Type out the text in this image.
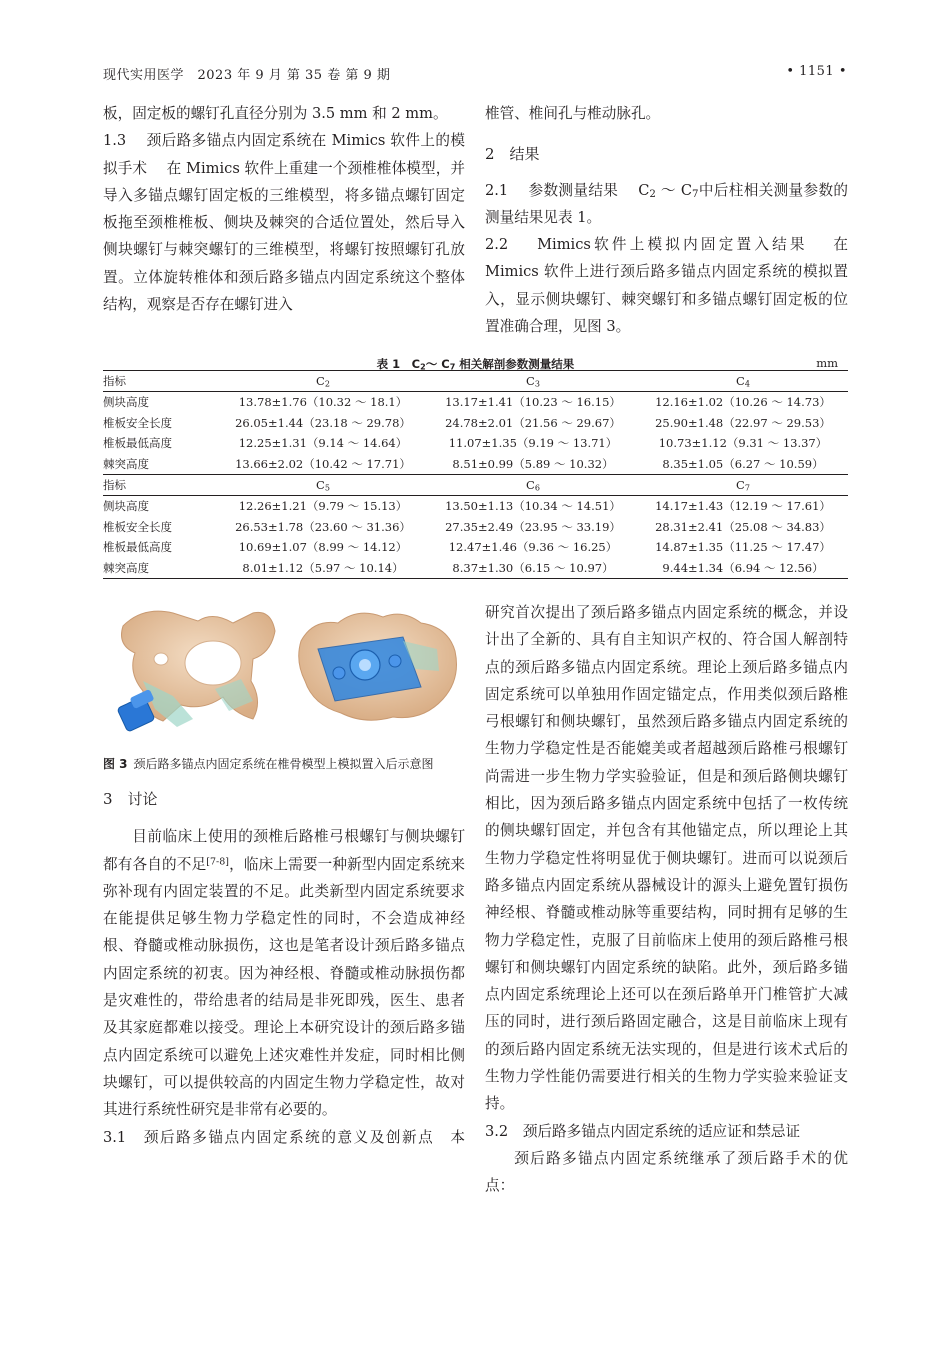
现代实用医学　2023 年 9 月 第 35 卷 第 9 期	• 1151 •

板，固定板的螺钉孔直径分别为 3.5 mm 和 2 mm。

1.3　 颈后路多锚点内固定系统在 Mimics 软件上的模拟手术　 在 Mimics 软件上重建一个颈椎椎体模型，并导入多锚点螺钉固定板的三维模型，将多锚点螺钉固定板拖至颈椎椎板、侧块及棘突的合适位置处，然后导入侧块螺钉与棘突螺钉的三维模型，将螺钉按照螺钉孔放置。立体旋转椎体和颈后路多锚点内固定系统这个整体结构，观察是否存在螺钉进入

椎管、椎间孔与椎动脉孔。

2　结果

2.1　 参数测量结果　 $C_2$ ～ $C_7$中后柱相关测量参数的测量结果见表 1。

2.2　 Mimics软件上模拟内固定置入结果　 在 Mimics 软件上进行颈后路多锚点内固定系统的模拟置入，显示侧块螺钉、棘突螺钉和多锚点螺钉固定板的位置准确合理，见图 3。

表 1　$C_2\sim$ $C_7$ 相关解剖参数测量结果	mm
指标	$C_2$	$C_3$	$C_4$
侧块高度	13.78±1.76（10.32 ～ 18.1）	13.17±1.41（10.23 ～ 16.15）	12.16±1.02（10.26 ～ 14.73）
椎板安全长度	26.05±1.44（23.18 ～ 29.78）	24.78±2.01（21.56 ～ 29.67）	25.90±1.48（22.97 ～ 29.53）
椎板最低高度	12.25±1.31（9.14 ～ 14.64）	11.07±1.35（9.19 ～ 13.71）	10.73±1.12（9.31 ～ 13.37）
棘突高度	13.66±2.02（10.42 ～ 17.71）	8.51±0.99（5.89 ～ 10.32）	8.35±1.05（6.27 ～ 10.59）
指标	$C_5$	$C_6$	$C_7$
侧块高度	12.26±1.21（9.79 ～ 15.13）	13.50±1.13（10.34 ～ 14.51）	14.17±1.43（12.19 ～ 17.61）
椎板安全长度	26.53±1.78（23.60 ～ 31.36）	27.35±2.49（23.95 ～ 33.19）	28.31±2.41（25.08 ～ 34.83）
椎板最低高度	10.69±1.07（8.99 ～ 14.12）	12.47±1.46（9.36 ～ 16.25）	14.87±1.35（11.25 ～ 17.47）
棘突高度	8.01±1.12（5.97 ～ 10.14）	8.37±1.30（6.15 ～ 10.97）	9.44±1.34（6.94 ～ 12.56）
图 3 颈后路多锚点内固定系统在椎骨模型上模拟置入后示意图
3　讨论

目前临床上使用的颈椎后路椎弓根螺钉与侧块螺钉都有各自的不足[7-8]，临床上需要一种新型内固定系统来弥补现有内固定装置的不足。此类新型内固定系统要求在能提供足够生物力学稳定性的同时，不会造成神经根、脊髓或椎动脉损伤，这也是笔者设计颈后路多锚点内固定系统的初衷。因为神经根、脊髓或椎动脉损伤都是灾难性的，带给患者的结局是非死即残，医生、患者及其家庭都难以接受。理论上本研究设计的颈后路多锚点内固定系统可以避免上述灾难性并发症，同时相比侧块螺钉，可以提供较高的内固定生物力学稳定性，故对其进行系统性研究是非常有必要的。

3.1　 颈后路多锚点内固定系统的意义及创新点　 本

研究首次提出了颈后路多锚点内固定系统的概念，并设计出了全新的、具有自主知识产权的、符合国人解剖特点的颈后路多锚点内固定系统。理论上颈后路多锚点内固定系统可以单独用作固定锚定点，作用类似颈后路椎弓根螺钉和侧块螺钉，虽然颈后路多锚点内固定系统的生物力学稳定性是否能媲美或者超越颈后路椎弓根螺钉尚需进一步生物力学实验验证，但是和颈后路侧块螺钉相比，因为颈后路多锚点内固定系统中包括了一枚传统的侧块螺钉固定，并包含有其他锚定点，所以理论上其生物力学稳定性将明显优于侧块螺钉。进而可以说颈后路多锚点内固定系统从器械设计的源头上避免置钉损伤神经根、脊髓或椎动脉等重要结构，同时拥有足够的生物力学稳定性，克服了目前临床上使用的颈后路椎弓根螺钉和侧块螺钉内固定系统的缺陷。此外，颈后路多锚点内固定系统理论上还可以在颈后路单开门椎管扩大减压的同时，进行颈后路固定融合，这是目前临床上现有的颈后路内固定系统无法实现的，但是进行该术式后的生物力学性能仍需要进行相关的生物力学实验来验证支持。

3.2　 颈后路多锚点内固定系统的适应证和禁忌证

颈后路多锚点内固定系统继承了颈后路手术的优点：
